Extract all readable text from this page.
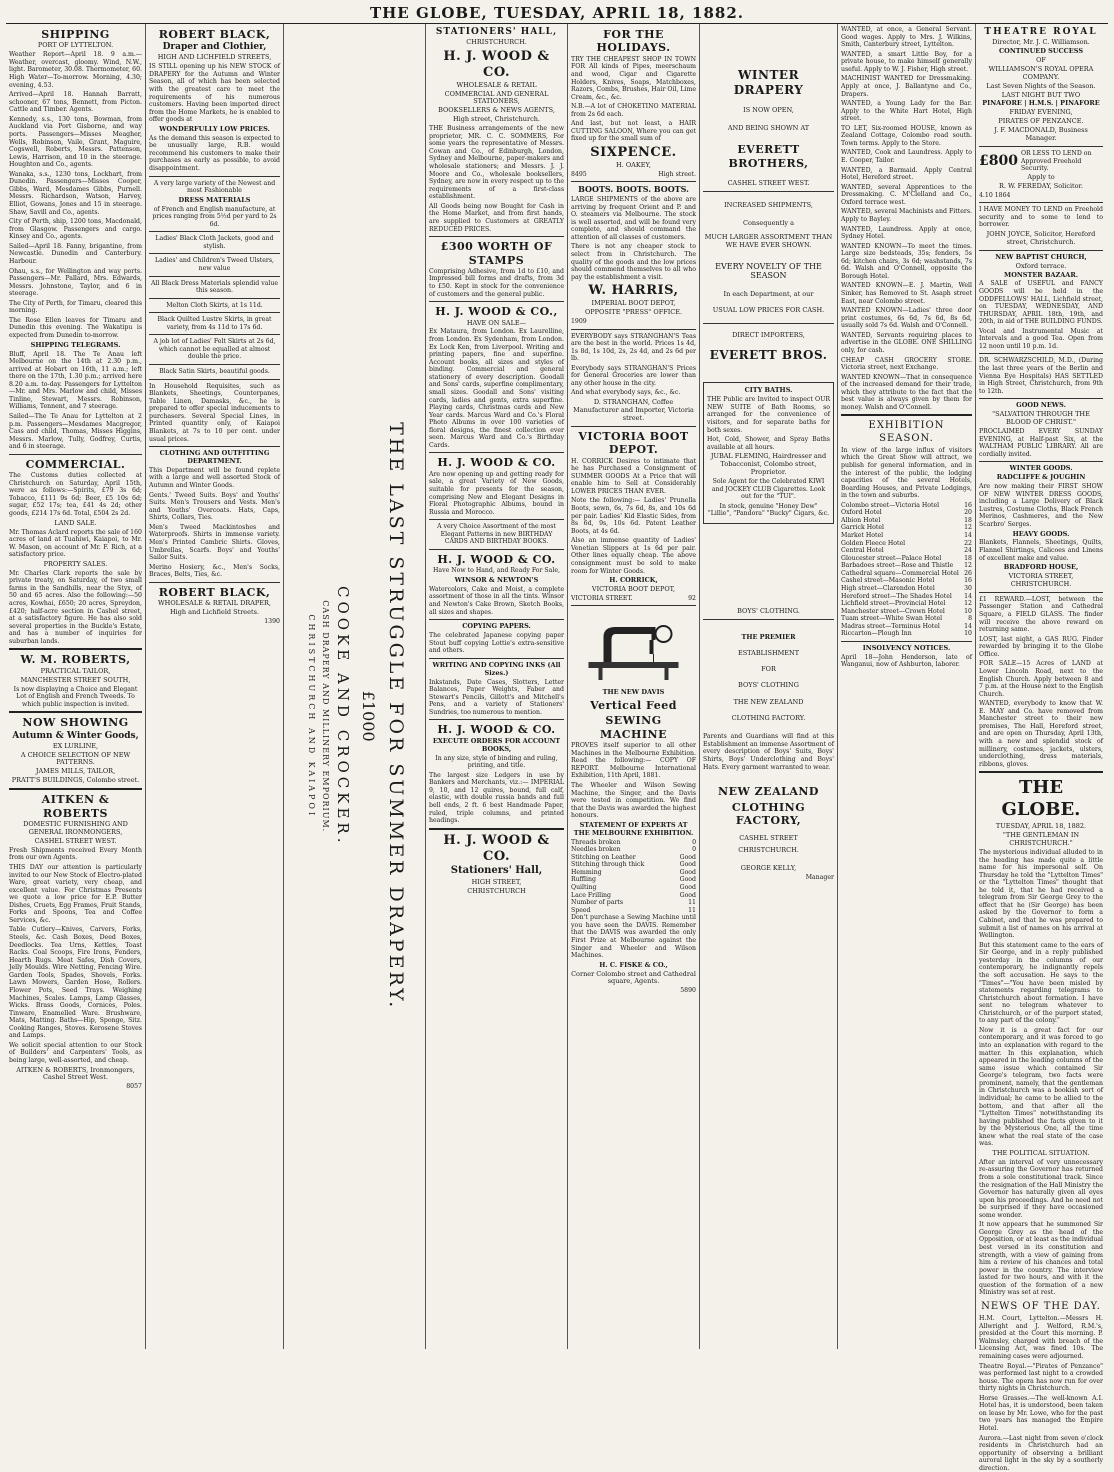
THE GLOBE, TUESDAY, APRIL 18, 1882.
SHIPPING
PORT OF LYTTELTON.

Weather Report—April 18. 9 a.m.—Weather, overcast, gloomy. Wind, N.W., light. Barometer, 30.08. Thermometer, 60. High Water—To-morrow. Morning, 4.30; evening, 4.53.

Arrived—April 18. Hannah Barratt, schooner, 67 tons, Bennett, from Picton. Cattle and Timber. Agents.

Kennedy, s.s., 130 tons, Bowman, from Auckland via Port Gisborne, and way ports. Passengers—Misses Meagher, Wells, Robinson, Vaile, Grant, Maguire, Cogswell, Roberts, Messrs. Pattenson, Lewis, Harrison, and 10 in the steerage. Houghton and Co., agents.

Wanaka, s.s., 1230 tons, Lockhart, from Dunedin. Passengers—Misses Cooper, Gibbs, Ward, Mesdames Gibbs, Purnell. Messrs. Richardson, Watson, Harvey, Elliot, Gowans, Jones and 15 in steerage. Shaw, Savill and Co., agents.

City of Perth, ship, 1200 tons, Macdonald, from Glasgow. Passengers and cargo. Kinsey and Co., agents.

Sailed—April 18. Fanny, brigantine, from Newcastle. Dunedin and Canterbury. Harbour.

Ohau, s.s., for Wellington and way ports. Passengers—Mr. Pallard, Mrs. Edwards, Messrs. Johnstone, Taylor, and 6 in steerage.

The City of Perth, for Timaru, cleared this morning.

The Rose Ellen leaves for Timaru and Dunedin this evening. The Wakatipu is expected from Dunedin to-morrow.

SHIPPING TELEGRAMS.

Bluff, April 18. The Te Anau left Melbourne on the 14th at 2.30 p.m., arrived at Hobart on 16th, 11 a.m.; left there on the 17th, 1.30 p.m.; arrived here 8.20 a.m. to-day. Passengers for Lyttelton—Mr. and Mrs. Marlow and child, Misses Tinline, Stewart, Messrs. Robinson, Williams, Tennent, and 7 steerage.

Sailed—The Te Anau for Lyttelton at 2 p.m. Passengers—Mesdames Macgregor, Cass and child, Thomas, Misses Higgins, Messrs. Marlow, Tully, Godfrey, Curtis, and 6 in steerage.

COMMERCIAL.

The Customs duties collected at Christchurch on Saturday, April 15th, were as follows:—Spirits, £79 3s 6d; Tobacco, £111 9s 6d; Beer, £5 10s 6d; sugar, £52 17s; tea, £41 4s 2d; other goods, £214 17s 6d. Total, £504 2s 2d.

LAND SALE.

Mr. Thomas Aclard reports the sale of 160 acres of land at Tuahiwi, Kaiapoi, to Mr. W. Mason, on account of Mr. F. Rich, at a satisfactory price.

PROPERTY SALES.

Mr. Charles Clark reports the sale by private treaty, on Saturday, of two small farms in the Sandhills, near the Styx, of 50 and 65 acres. Also the following:—50 acres, Kowhai, £650; 20 acres, Spreydon, £420; half-acre section in Cashel street, at a satisfactory figure. He has also sold several properties in the Buckle's Estate, and has a number of inquiries for suburban lands.

W. M. ROBERTS,
PRACTICAL TAILOR,
MANCHESTER STREET SOUTH,

Is now displaying a Choice and Elegant Lot of English and French Tweeds. To which public inspection is invited.

NOW SHOWING
Autumn & Winter Goods,
EX LURLINE,
A CHOICE SELECTION OF NEW PATTERNS.
JAMES MILLS, TAILOR,
PRATT'S BUILDINGS, Colombo street.
AITKEN & ROBERTS
DOMESTIC FURNISHING AND GENERAL IRONMONGERS,
CASHEL STREET WEST.

Fresh Shipments received Every Month from our own Agents.

THIS DAY our attention is particularly invited to our New Stock of Electro-plated Ware, great variety, very cheap, and excellent value. For Christmas Presents we quote a low price for E.P. Butter Dishes, Cruets, Egg Frames, Fruit Stands, Forks and Spoons, Tea and Coffee Services, &c.

Table Cutlery—Knives, Carvers, Forks, Steels, &c. Cash Boxes, Deed Boxes, Deedlocks. Tea Urns, Kettles, Toast Racks. Coal Scoops, Fire Irons, Fenders, Hearth Rugs. Meat Safes, Dish Covers, Jelly Moulds. Wire Netting, Fencing Wire. Garden Tools, Spades, Shovels, Forks. Lawn Mowers, Garden Hose, Rollers. Flower Pots, Seed Trays. Weighing Machines, Scales. Lamps, Lamp Glasses, Wicks. Brass Goods, Cornices, Poles. Tinware, Enamelled Ware. Brushware, Mats, Matting. Baths—Hip, Sponge, Sitz. Cooking Ranges, Stoves. Kerosene Stoves and Lamps.

We solicit special attention to our Stock of Builders' and Carpenters' Tools, as being large, well-assorted, and cheap.

AITKEN & ROBERTS, Ironmongers, Cashel Street West.
8057
ROBERT BLACK,
Draper and Clothier,
HIGH AND LICHFIELD STREETS,

IS STILL opening up his NEW STOCK of DRAPERY for the Autumn and Winter Season, all of which has been selected with the greatest care to meet the requirements of his numerous customers. Having been imported direct from the Home Markets, he is enabled to offer goods at

WONDERFULLY LOW PRICES.

As the demand this season is expected to be unusually large, R.B. would recommend his customers to make their purchases as early as possible, to avoid disappointment.

A very large variety of the Newest and most Fashionable

DRESS MATERIALS

of French and English manufacture, at prices ranging from 5½d per yard to 2s 6d.

Ladies' Black Cloth Jackets, good and stylish.

Ladies' and Children's Tweed Ulsters, new value

All Black Dress Materials splendid value this season.

Melton Cloth Skirts, at 1s 11d.

Black Quilted Lustre Skirts, in great variety, from 4s 11d to 17s 6d.

A job lot of Ladies' Felt Skirts at 2s 6d, which cannot be equalled at almost double the price.

Black Satin Skirts, beautiful goods.

In Household Requisites, such as Blankets, Sheetings, Counterpanes, Table Linen, Damasks, &c., he is prepared to offer special inducements to purchasers. Several Special Lines, in Printed quantity only, of Kaiapoi Blankets, at 7s to 10 per cent. under usual prices.

CLOTHING AND OUTFITTING DEPARTMENT.

This Department will be found replete with a large and well assorted Stock of Autumn and Winter Goods.

Gents.' Tweed Suits. Boys' and Youths' Suits. Men's Trousers and Vests. Men's and Youths' Overcoats. Hats, Caps, Shirts, Collars, Ties.

Men's Tweed Mackintoshes and Waterproofs. Shirts in immense variety. Men's Printed Cambric Shirts. Gloves, Umbrellas, Scarfs. Boys' and Youths' Sailor Suits.

Merino Hosiery, &c., Men's Socks, Braces, Belts, Ties, &c.

ROBERT BLACK,
WHOLESALE & RETAIL DRAPER,
High and Lichfield Streets.
1390	THE LAST STRUGGLE FOR SUMMER DRAPERY.
£1000
COOKE AND CROCKER.
CASH DRAPERY AND MILLINERY EMPORIUM.
CHRISTCHURCH AND KAIAPOI
STATIONERS' HALL,
CHRISTCHURCH.
H. J. WOOD & CO.
WHOLESALE & RETAIL
COMMERCIAL AND GENERAL STATIONERS,
BOOKSELLERS & NEWS AGENTS,
High street, Christchurch.

THE Business arrangements of the new proprietor, MR. C. C. SOMMERS, For some years the representative of Messrs. Cowan and Co., of Edinburgh, London, Sydney and Melbourne, paper-makers and wholesale stationers; and Messrs. J. J. Moore and Co., wholesale booksellers, Sydney, are now in every respect up to the requirements of a first-class establishment.

All Goods being now Bought for Cash in the Home Market, and from first hands, are supplied to Customers at GREATLY REDUCED PRICES.

£300 WORTH OF STAMPS

Comprising Adhesive, from 1d to £10, and Impressed bill forms and drafts, from 3d to £50. Kept in stock for the convenience of customers and the general public.

H. J. WOOD & CO.,
HAVE ON SALE—

Ex Mataura, from London. Ex Laurelline, from London. Ex Sydenham, from London. Ex Lock Ken, from Liverpool. Writing and printing papers, fine and superfine. Account books, all sizes and styles of binding. Commercial and general stationery of every description. Goodall and Sons' cards, superfine complimentary, small sizes. Goodall and Sons' visiting cards, ladies and gents, extra superfine. Playing cards, Christmas cards and New Year cards. Marcus Ward and Co.'s Floral Photo Albums in over 100 varieties of floral designs, the finest collection ever seen. Marcus Ward and Co.'s Birthday Cards.

H. J. WOOD & CO.

Are now opening up and getting ready for sale, a great Variety of New Goods, suitable for presents for the season, comprising New and Elegant Designs in Floral Photographic Albums, bound in Russia and Morocco.

A very Choice Assortment of the most Elegant Patterns in new BIRTHDAY CARDS AND BIRTHDAY BOOKS.

H. J. WOOD & CO.

Have Now to Hand, and Ready For Sale,

WINSOR & NEWTON'S

Watercolors, Cake and Moist, a complete assortment of those in all the tints. Winsor and Newton's Cake Brown, Sketch Books, all sizes and shapes.

COPYING PAPERS.

The celebrated Japanese copying paper Stout buff copying Lottie's extra-sensitive and others.

WRITING AND COPYING INKS (All Sizes.)

Inkstands, Date Cases, Slotters, Letter Balances, Paper Weights, Faber and Stewart's Pencils, Gillott's and Mitchell's Pens, and a variety of Stationers' Sundries, too numerous to mention.

H. J. WOOD & CO.
EXECUTE ORDERS FOR ACCOUNT BOOKS,

In any size, style of binding and ruling, printing, and title.

The largest size Ledgers in use by Bankers and Merchants, viz.:— IMPERIAL 9, 10, and 12 quires, bound, full calf, elastic, with double russia bands and full bell ends, 2 ft. 6 best Handmade Paper, ruled, triple columns, and printed headings.

H. J. WOOD & CO.
Stationers' Hall,
HIGH STREET,
CHRISTCHURCH
FOR THE HOLIDAYS.

TRY THE CHEAPEST SHOP IN TOWN FOR All kinds of Pipes, meerschaum and wood, Cigar and Cigarette Holders, Knives, Soaps, Matchboxes, Razors, Combs, Brushes, Hair Oil, Lime Cream, &c., &c.

N.B.—A lot of CHOKETINO MATERIAL from 2s 6d each.

And last, but not least, a HAIR CUTTING SALOON, Where you can get fixed up for the small sum of

SIXPENCE.
H. OAKEY,
8495	High street.
BOOTS. BOOTS. BOOTS.

LARGE SHIPMENTS of the above are arriving by frequent Orient and P. and O. steamers via Melbourne. The stock is well assorted, and will be found very complete, and should command the attention of all classes of customers.

There is not any cheaper stock to select from in Christchurch. The quality of the goods and the low prices should commend themselves to all who pay the establishment a visit.

W. HARRIS,
IMPERIAL BOOT DEPOT,
OPPOSITE "PRESS" OFFICE.
1909

EVERYBODY says STRANGHAN'S Teas are the best in the world. Prices 1s 4d, 1s 8d, 1s 10d, 2s, 2s 4d, and 2s 6d per lb.

Everybody says STRANGHAN'S Prices for General Groceries are lower than any other house in the city.

And what everybody says, &c., &c.

D. STRANGHAN, Coffee Manufacturer and Importer, Victoria street.
VICTORIA BOOT DEPOT.

H. CORRICK Desires to intimate that he has Purchased a Consignment of SUMMER GOODS At a Price that will enable him to Sell at Considerably LOWER PRICES THAN EVER.

Note the following:— Ladies' Prunella Boots, sewn, 6s, 7s 6d, 8s, and 10s 6d per pair. Ladies' Kid Elastic Sides, from 8s 6d, 9s, 10s 6d. Patent Leather Boots, at 4s 6d.

Also an immense quantity of Ladies' Venetian Slippers at 1s 6d per pair. Other lines equally cheap. The above consignment must be sold to make room for Winter Goods.

H. CORRICK,
VICTORIA BOOT DEPOT,
VICTORIA STREET.	92
THE NEW DAVIS
Vertical Feed
SEWING MACHINE

PROVES itself superior to all other Machines in the Melbourne Exhibition. Read the following:— COPY OF REPORT. Melbourne International Exhibition, 11th April, 1881.

The Wheeler and Wilson Sewing Machine, the Singer, and the Davis were tested in competition. We find that the Davis was awarded the highest honours.

STATEMENT OF EXPERTS AT THE MELBOURNE EXHIBITION.
Threads broken	0
Needles broken	0
Stitching on Leather	Good
Stitching through thick	Good
Hemming	Good
Ruffling	Good
Quilting	Good
Lace Frilling	Good
Number of parts	11
Speed	11

Don't purchase a Sewing Machine until you have seen the DAVIS. Remember that the DAVIS was awarded the only First Prize at Melbourne against the Singer and Wheeler and Wilson Machines.

H. C. FISKE & CO.,
Corner Colombo street and Cathedral square, Agents.
5890
WINTER DRAPERY
IS NOW OPEN,
AND BEING SHOWN AT
EVERETT BROTHERS,
CASHEL STREET WEST.
INCREASED SHIPMENTS,
Consequently a
MUCH LARGER ASSORTMENT THAN WE HAVE EVER SHOWN.
EVERY NOVELTY OF THE SEASON
In each Department, at our
USUAL LOW PRICES FOR CASH.
DIRECT IMPORTERS,
EVERETT BROS.
CITY BATHS.

THE Public are Invited to inspect OUR NEW SUITE of Bath Rooms, so arranged for the convenience of visitors, and for separate baths for both sexes.

Hot, Cold, Shower, and Spray Baths available at all hours.

JUBAL FLEMING, Hairdresser and Tobacconist, Colombo street, Proprietor.

Sole Agent for the Celebrated KIWI and JOCKEY CLUB Cigarettes. Look out for the "TUI".

In stock, genuine "Honey Dew" "Lillie", "Pandora" "Bucky" Cigars, &c.

BOYS' CLOTHING.
THE PREMIER
ESTABLISHMENT
FOR
BOYS' CLOTHING
THE NEW ZEALAND
CLOTHING FACTORY.

Parents and Guardians will find at this Establishment an immense Assortment of every description of Boys' Suits, Boys' Shirts, Boys' Underclothing and Boys' Hats. Every garment warranted to wear.

NEW ZEALAND
CLOTHING FACTORY,
CASHEL STREET
CHRISTCHURCH.
GEORGE KELLY,
Manager

WANTED, at once, a General Servant. Good wages. Apply to Mrs. J. Wilkins, Smith, Canterbury street, Lyttelton.

WANTED, a smart Little Boy, for a private house, to make himself generally useful. Apply to W. J. Fisher, High street.

MACHINIST WANTED for Dressmaking. Apply at once, J. Ballantyne and Co., Drapers.

WANTED, a Young Lady for the Bar. Apply to the White Hart Hotel, High street.

TO LET, Six-roomed HOUSE, known as Zealand Cottage, Colombo road south. Town terms. Apply to the Store.

WANTED, Cook and Laundress. Apply to E. Cooper, Tailor.

WANTED, a Barmaid. Apply Central Hotel, Hereford street.

WANTED, several Apprentices to the Dressmaking. C. M'Clelland and Co., Oxford terrace west.

WANTED, several Machinists and Fitters. Apply to Bayley.

WANTED, Laundress. Apply at once, Sydney Hotel.

WANTED KNOWN—To meet the times. Large size bedsteads, 35s; fenders, 5s 6d; kitchen chairs, 3s 6d; washstands, 7s 6d. Walsh and O'Connell, opposite the Borough Hotel.

WANTED KNOWN—E. J. Martin, Well Sinker, has Removed to St. Asaph street East, near Colombo street.

WANTED KNOWN—Ladies' three door print costumes, 6s 6d, 7s 6d, 8s 6d, usually sold 7s 6d. Walsh and O'Connell.

WANTED, Servants requiring places to advertise in the GLOBE. ONE SHILLING only, for cash.

CHEAP CASH GROCERY STORE. Victoria street, next Exchange.

WANTED KNOWN—That in consequence of the increased demand for their trade, which they attribute to the fact that the best value is always given by them for money. Walsh and O'Connell.

EXHIBITION SEASON.

In view of the large influx of visitors which the Great Show will attract, we publish for general information, and in the interest of the public, the lodging capacities of the several Hotels, Boarding Houses, and Private Lodgings, in the town and suburbs.

Colombo street—Victoria Hotel	16
Oxford Hotel	20
Albion Hotel	18
Garrick Hotel	12
Market Hotel	14
Golden Fleece Hotel	22
Central Hotel	24
Gloucester street—Palace Hotel	18
Barbadoes street—Rose and Thistle 12
Cathedral square—Commercial Hotel 26
Cashel street—Masonic Hotel	16
High street—Clarendon Hotel	30
Hereford street—The Shades Hotel 14
Lichfield street—Provincial Hotel	12
Manchester street—Crown Hotel	10
Tuam street—White Swan Hotel	8
Madras street—Terminus Hotel	14
Riccarton—Plough Inn	10
INSOLVENCY NOTICES.

April 18—John Henderson, late of Wanganui, now of Ashburton, laborer.

THEATRE ROYAL
Director, Mr. J. C. Williamson.
CONTINUED SUCCESS
OF
WILLIAMSON'S ROYAL OPERA COMPANY.
Last Seven Nights of the Season.
LAST NIGHT BUT TWO
PINAFORE | H.M.S. | PINAFORE
FRIDAY EVENING,
PIRATES OF PENZANCE.
J. F. MACDONALD, Business Manager.
£800 OR LESS TO LEND on Approved Freehold Security.
Apply to
R. W. FEREDAY, Solicitor.
4.10 1864

I HAVE MONEY TO LEND on Freehold security and to some to lend to borrower.

JOHN JOYCE, Solicitor, Hereford street, Christchurch.
NEW BAPTIST CHURCH,
Oxford terrace.
MONSTER BAZAAR.

A SALE of USEFUL and FANCY GOODS will be held in the ODDFELLOWS' HALL, Lichfield street, on TUESDAY, WEDNESDAY, AND THURSDAY, APRIL 18th, 19th, and 20th, in aid of THE BUILDING FUNDS.

Vocal and Instrumental Music at Intervals and a good Tea. Open from 12 noon until 10 p.m. 1d.

DR. SCHWARZSCHILD, M.D., (During the last three years of the Berlin and Vienna Eye Hospitals) HAS SETTLED in High Street, Christchurch, from 9th to 12th.

GOOD NEWS.
"SALVATION THROUGH THE BLOOD OF CHRIST."

PROCLAIMED EVERY SUNDAY EVENING, at Half-past Six, at the WALTHAM PUBLIC LIBRARY. All are cordially invited.

WINTER GOODS.
RADCLIFFE & JOUGHIN

Are now making their FIRST SHOW OF NEW WINTER DRESS GOODS, including a Large Delivery of Black Lustres, Costume Cloths, Black French Merinos, Cashmeres, and the New Scarbro' Serges.

HEAVY GOODS.

Blankets, Flannels, Sheetings, Quilts, Flannel Shirtings, Calicoes and Linens of excellent make and value.

BRADFORD HOUSE,
VICTORIA STREET, CHRISTCHURCH.

£1 REWARD.—LOST, between the Passenger Station and Cathedral Square, a FIELD GLASS. The finder will receive the above reward on returning same.

LOST, last night, a GAS RUG. Finder rewarded by bringing it to the Globe Office.

FOR SALE—15 Acres of LAND at Lower Lincoln Road, next to the English Church. Apply between 8 and 7 p.m. at the House next to the English Church.

WANTED, everybody to know that W. E. MAY and Co. have removed from Manchester street to their new premises, The Hall, Hereford street, and are open on Thursday, April 13th, with a new and splendid stock of millinery, costumes, jackets, ulsters, underclothing, dress materials, ribbons, gloves.

THE GLOBE.
TUESDAY, APRIL 18, 1882.
"THE GENTLEMAN IN CHRISTCHURCH."

The mysterious individual alluded to in the heading has made quite a little name for his impersonal self. On Thursday he told the "Lyttelton Times" or the "Lyttelton Times" thought that he told it, that he had received a telegram from Sir George Grey to the effect that he (Sir George) has been asked by the Governor to form a Cabinet, and that he was prepared to submit a list of names on his arrival at Wellington.

But this statement came to the ears of Sir George, and in a reply published yesterday in the columns of our contemporary, he indignantly repels the soft accusation. He says to the "Times"—"You have been misled by statements regarding telegrams to Christchurch about formation. I have sent no telegram whatever to Christchurch, or of the purport stated, to any part of the colony."

Now it is a great fact for our contemporary, and it was forced to go into an explanation with regard to the matter. In this explanation, which appeared in the leading columns of the same issue which contained Sir George's telegram, two facts were prominent, namely, that the gentleman in Christchurch was a bookish sort of individual; he came to be allied to the bottom, and that after all the "Lyttelton Times" notwithstanding its having published the facts given to it by the Mysterious One, all the time knew what the real state of the case was.

THE POLITICAL SITUATION.

After an interval of very unnecessary re-assuring the Governor has returned from a sole constitutional track. Since the resignation of the Hall Ministry the Governor has naturally given all eyes upon his proceedings. And he need not be surprised if they have occasioned some wonder.

It now appears that he summoned Sir George Grey as the head of the Opposition, or at least as the individual best versed in its constitution and strength, with a view of gaining from him a review of his chances and total power in the country. The interview lasted for two hours, and with it the question of the formation of a new Ministry was set at rest.

NEWS OF THE DAY.

H.M. Court, Lyttelton.—Messrs H. Allwright and J. Welford, R.M.'s, presided at the Court this morning. P. Walmsley, charged with breach of the Licensing Act, was fined 10s. The remaining cases were adjourned.

Theatre Royal.—"Pirates of Penzance" was performed last night to a crowded house. The opera has now run for over thirty nights in Christchurch.

Horse Grasses.—The well-known A.I. Hotel has, it is understood, been taken on lease by Mr. Lowe, who for the past two years has managed the Empire Hotel.

Aurora.—Last night from seven o'clock residents in Christchurch had an opportunity of observing a brilliant auroral light in the sky by a southerly direction.
